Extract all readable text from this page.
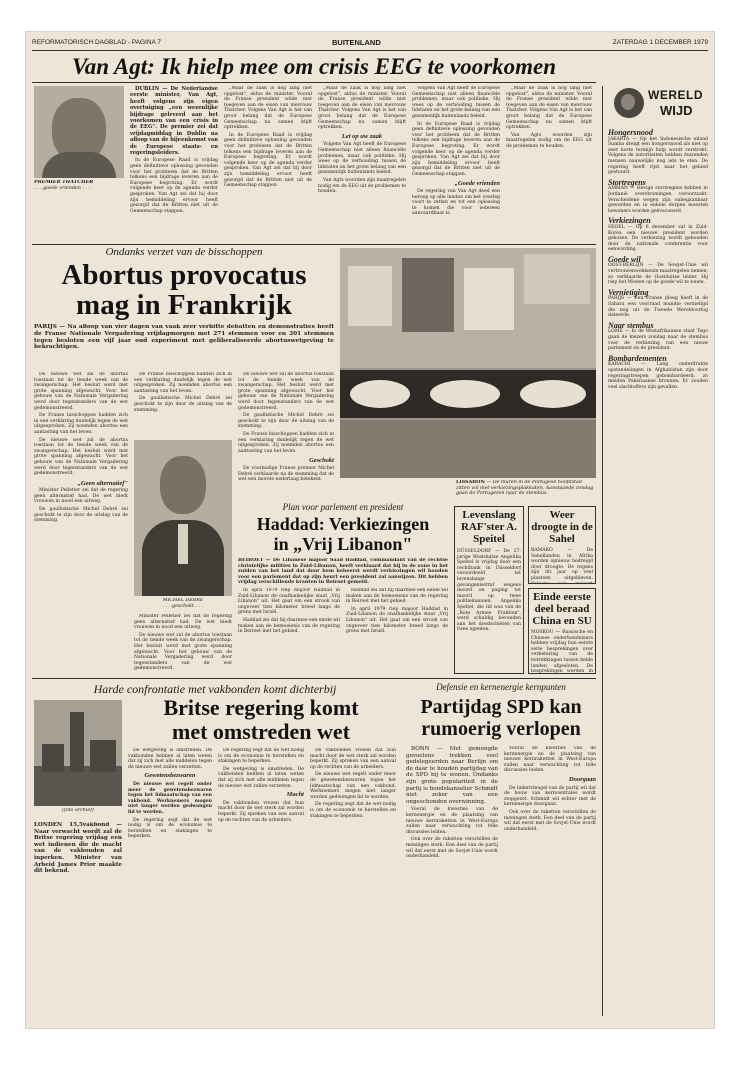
REFORMATORISCH DAGBLAD - PAGINA 7	BUITENLAND	ZATERDAG 1 DECEMBER 1979
Van Agt: Ik hielp mee om crisis EEG te voorkomen
PREMIER THATCHER
. . . goede vrienden . . .

DUBLIN — De Nederlandse eerste minister, Van Agt, heeft volgens zijn eigen overtuiging „een wezenlijke bijdrage geleverd aan het voorkomen van een crisis in de EEG". De premier zei dat vrijdagmiddag in Dublin na afloop van de bijeenkomst van de Europese staats- en regeringsleiders.

In de Europese Raad is vrijdag geen definitieve oplossing gevonden voor het probleem dat de Britten telkens een bijdrage leveren aan de Europese begroting. Er wordt volgende keer op de agenda verder gesproken. Van Agt zei dat hij door zijn bemiddeling ervoor heeft gezorgd dat de Britten niet uit de Gemeenschap stappen.

„Maar de zaak is nog lang niet opgelost", aldus de minister. Vooral de Franse president wilde niet toegeven aan de eisen van mevrouw Thatcher. Volgens Van Agt is het van groot belang dat de Europese Gemeenschap nu samen blijft optrekken.

In de Europese Raad is vrijdag geen definitieve oplossing gevonden voor het probleem dat de Britten telkens een bijdrage leveren aan de Europese begroting. Er wordt volgende keer op de agenda verder gesproken. Van Agt zei dat hij door zijn bemiddeling ervoor heeft gezorgd dat de Britten niet uit de Gemeenschap stappen.

„Maar de zaak is nog lang niet opgelost", aldus de minister. Vooral de Franse president wilde niet toegeven aan de eisen van mevrouw Thatcher. Volgens Van Agt is het van groot belang dat de Europese Gemeenschap nu samen blijft optrekken.

Let op uw zaak

Volgens Van Agt heeft de Europese Gemeenschap niet alleen financiële problemen, maar ook politieke. Hij wees op de verhouding tussen de lidstaten en het grote belang van een gezamenlijk buitenlands beleid.

Van Agts woorden zijn maatregelen nodig om de EEG uit de problemen te houden.

Volgens Van Agt heeft de Europese Gemeenschap niet alleen financiële problemen, maar ook politieke. Hij wees op de verhouding tussen de lidstaten en het grote belang van een gezamenlijk buitenlands beleid.

In de Europese Raad is vrijdag geen definitieve oplossing gevonden voor het probleem dat de Britten telkens een bijdrage leveren aan de Europese begroting. Er wordt volgende keer op de agenda verder gesproken. Van Agt zei dat hij door zijn bemiddeling ervoor heeft gezorgd dat de Britten niet uit de Gemeenschap stappen.

„Goede vrienden

De regering van Van Agt deed een beroep op alle landen om het overleg voort te zetten en tot een oplossing te komen die voor iedereen aanvaardbaar is.

„Maar de zaak is nog lang niet opgelost", aldus de minister. Vooral de Franse president wilde niet toegeven aan de eisen van mevrouw Thatcher. Volgens Van Agt is het van groot belang dat de Europese Gemeenschap nu samen blijft optrekken.

Van Agts woorden zijn maatregelen nodig om de EEG uit de problemen te houden.

WERELD
WIJD
Hongersnood
JAKARTA — Op het Indonesische eiland Sumba dreigt een hongersnood als niet op zeer korte termijn hulp wordt verstrekt. Volgens de autoriteiten hebben duizenden mensen nauwelijks nog iets te eten. De regering heeft rijst naar het gebied gestuurd.
Stortregens
AMMAN — Hevige stortregens hebben in Jordanië overstromingen veroorzaakt. Verscheidene wegen zijn onbegaanbaar geworden en in enkele dorpen moesten bewoners worden geëvacueerd.
Verkiezingen
SEOEL — Op 6 december zal in Zuid-Korea een nieuwe president worden gekozen. De verkiezing wordt gehouden door de nationale conferentie voor eenwording.
Goede wil
OOST-BERLIJN — De Sowjet-Unie wil vertrouwenwekkende maatregelen nemen, zo verklaarde de Oostduitse leider. Hij riep het Westen op de goede wil te tonen.
Vernietiging
PARIJS — Een Franse ploeg heeft in de Sahara een voorraad munitie vernietigd die nog uit de Tweede Wereldoorlog dateerde.
Naar stembus
LOME — In de Westafrikaanse staat Togo gaan de kiezers zondag naar de stembus voor de verkiezing van een nieuw parlement en de president.
Bombardementen
KARACHI — Lang onderdrukte opstandelingen in Afghanistan zijn door regeringstroepen gebombardeerd, zo melden Pakistaanse bronnen. Er zouden veel slachtoffers zijn gevallen.
Ondanks verzet van de bisschoppen
Abortus provocatus
mag in Frankrijk
PARIJS — Na afloop van vier dagen van vaak zeer verhitte debatten en demonstraties heeft de Franse Nationale Vergadering vrijdagmorgen met 271 stemmen voor en 201 stemmen tegen besloten een vijf jaar oud experiment met geliberaliseerde abortuswetgeving te bekrachtigen.

De nieuwe wet zal de abortus toestaan tot de tiende week van de zwangerschap. Het besluit werd met grote spanning afgewacht. Voor het gebouw van de Nationale Vergadering werd door tegenstanders van de wet gedemonstreerd.

De Franse bisschoppen hadden zich in een verklaring duidelijk tegen de wet uitgesproken. Zij noemden abortus een aantasting van het leven.

De nieuwe wet zal de abortus toestaan tot de tiende week van de zwangerschap. Het besluit werd met grote spanning afgewacht. Voor het gebouw van de Nationale Vergadering werd door tegenstanders van de wet gedemonstreerd.

„Geen alternatief"

Minister Pelletier zei dat de regering geen alternatief had. De wet biedt vrouwen in nood een uitweg.

De gaullistische Michel Debré zei geschokt te zijn door de uitslag van de stemming.

MICHEL DEBRÉ
. . . geschokt . . .

De Franse bisschoppen hadden zich in een verklaring duidelijk tegen de wet uitgesproken. Zij noemden abortus een aantasting van het leven.

De gaullistische Michel Debré zei geschokt te zijn door de uitslag van de stemming.

Minister Pelletier zei dat de regering geen alternatief had. De wet biedt vrouwen in nood een uitweg.

De nieuwe wet zal de abortus toestaan tot de tiende week van de zwangerschap. Het besluit werd met grote spanning afgewacht. Voor het gebouw van de Nationale Vergadering werd door tegenstanders van de wet gedemonstreerd.

De nieuwe wet zal de abortus toestaan tot de tiende week van de zwangerschap. Het besluit werd met grote spanning afgewacht. Voor het gebouw van de Nationale Vergadering werd door tegenstanders van de wet gedemonstreerd.

De gaullistische Michel Debré zei geschokt te zijn door de uitslag van de stemming.

De Franse bisschoppen hadden zich in een verklaring duidelijk tegen de wet uitgesproken. Zij noemden abortus een aantasting van het leven.

Geschokt

De voormalige Franse premier Michel Debré verklaarde na de stemming dat de wet een morele nederlaag betekent.	LISSABON — De muren in de Portugese hoofdstad zitten vol met verkiezingsplakkaten. Aanstaande zondag gaan de Portugezen naar de stembus.
Plan voor parlement en president
Haddad: Verkiezingen
in „Vrij Libanon"
BEIROET — De Libanese majoor Saad Haddad, commandant van de rechtse christelijke milities in Zuid-Libanon, heeft verklaard dat hij in de zone in het zuiden van het land dat door hem beheerst wordt verkiezingen wil houden voor een parlement dat op zijn beurt een president zal aanwijzen. Dit hebben vrijdag verschillende kranten in Beiroet gemeld.

In april 1979 riep majoor Haddad in Zuid-Libanon de onafhankelijke staat „Vrij Libanon" uit. Het gaat om een strook van ongeveer tien kilometer breed langs de grens met Israël.

Haddad zei dat hij daarmee een einde wil maken aan de bemoeienis van de regering in Beiroet met het gebied.

Haddad zei dat hij daarmee een einde wil maken aan de bemoeienis van de regering in Beiroet met het gebied.

In april 1979 riep majoor Haddad in Zuid-Libanon de onafhankelijke staat „Vrij Libanon" uit. Het gaat om een strook van ongeveer tien kilometer breed langs de grens met Israël.

Levenslang RAF'ster A. Speitel
DÜSSELDORF — De 27-jarige Westduitse Angelika Speitel is vrijdag door een rechtbank in Düsseldorf veroordeeld tot levenslange gevangenisstraf wegens moord en poging tot moord op twee politiemannen. Angelika Speitel, die lid was van de „Rote Armee Fraktion", werd schuldig bevonden aan het doodschieten van twee agenten.
Weer droogte in de Sahel
BAMAKO — De Sahellanden in Afrika worden opnieuw bedreigd door droogte. De regens zijn dit jaar op veel plaatsen uitgebleven.
Einde eerste deel beraad China en SU
MOSKOU — Russische en Chinese onderhandelaars hebben vrijdag hun eerste serie besprekingen over verbetering van de betrekkingen tussen beide landen afgesloten. De besprekingen werden in
Harde confrontatie met vakbonden komt dichterbij
Britse regering komt
met omstreden wet
(foto archief)
LONDEN 15,5vakbond — Naar verwacht wordt zal de Britse regering vrijdag een wet indienen die de macht van de vakbonden zal inperken. Minister van Arbeid James Prior maakte dit bekend.

De wetgeving is omstreden. De vakbonden hebben al laten weten dat zij zich met alle middelen tegen de nieuwe wet zullen verzetten.

Gewetensbezwaren

De nieuwe wet regelt onder meer de gewetensbezwaren tegen het lidmaatschap van een vakbond. Werknemers mogen niet langer worden gedwongen lid te worden.

De regering zegt dat de wet nodig is om de economie te herstellen en stakingen te beperken.

De regering zegt dat de wet nodig is om de economie te herstellen en stakingen te beperken.

De wetgeving is omstreden. De vakbonden hebben al laten weten dat zij zich met alle middelen tegen de nieuwe wet zullen verzetten.

Macht

De vakbonden vrezen dat hun macht door de wet sterk zal worden beperkt. Zij spreken van een aanval op de rechten van de arbeiders.

De vakbonden vrezen dat hun macht door de wet sterk zal worden beperkt. Zij spreken van een aanval op de rechten van de arbeiders.

De nieuwe wet regelt onder meer de gewetensbezwaren tegen het lidmaatschap van een vakbond. Werknemers mogen niet langer worden gedwongen lid te worden.

De regering zegt dat de wet nodig is om de economie te herstellen en stakingen te beperken.

Defensie en kernenergie kernpunten
Partijdag SPD kan
rumoerig verlopen

BONN — Met gemengde gevoelens trekken veel gedelegeerden naar Berlijn om de daar te houden partijdag van de SPD bij te wonen. Ondanks zijn grote populariteit in de partij is bondskanselier Schmidt niet zeker van een ongeschonden overwinning.

Vooral de kwesties van de kernenergie en de plaatsing van nieuwe kernraketten in West-Europa zullen naar verwachting tot felle discussies leiden.

Ook over de raketten verschillen de meningen sterk. Een deel van de partij wil dat eerst met de Sovjet-Unie wordt onderhandeld.

Vooral de kwesties van de kernenergie en de plaatsing van nieuwe kernraketten in West-Europa zullen naar verwachting tot felle discussies leiden.

Doorgaan

De linkervleugel van de partij wil dat de bouw van kerncentrales wordt stopgezet. Schmidt wil echter met de kernenergie doorgaan.

Ook over de raketten verschillen de meningen sterk. Een deel van de partij wil dat eerst met de Sovjet-Unie wordt onderhandeld.
